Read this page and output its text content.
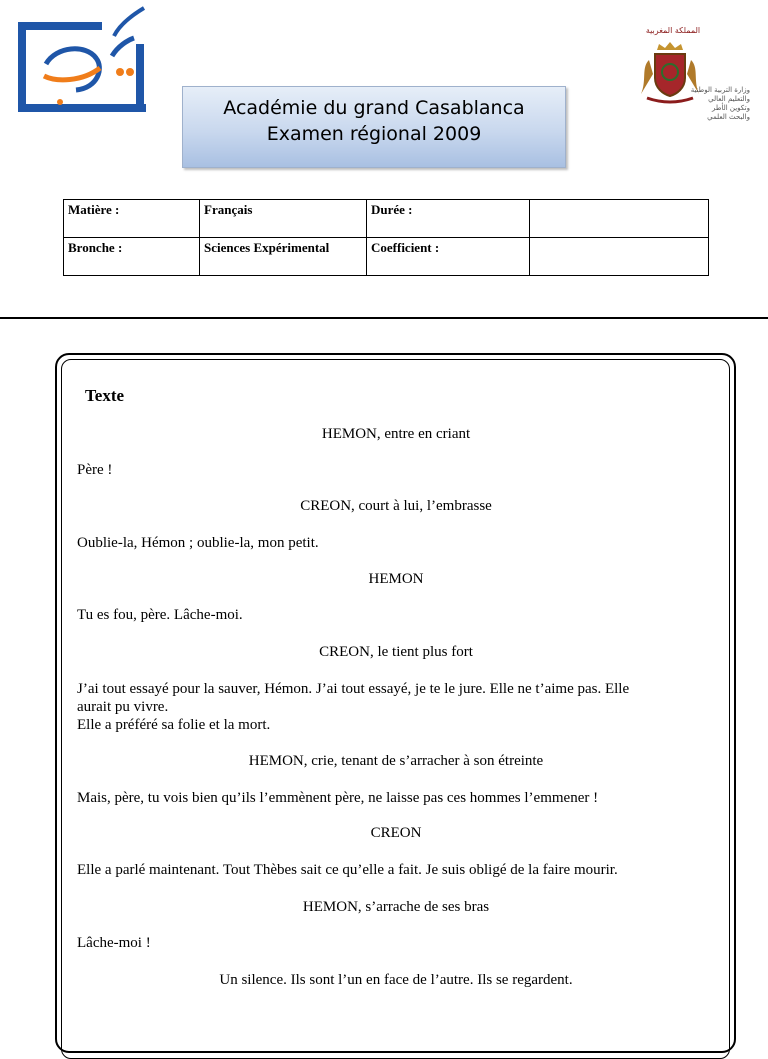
المملكة المغربية
وزارة التربية الوطنية
والتعليم العالي
وتكوين الأطر
والبحث العلمي
Académie du grand Casablanca
Examen régional 2009
Matière :	Français	Durée :	
Bronche :	Sciences Expérimental	Coefficient :	
Texte
HEMON, entre en criant
Père !
CREON, court à lui, l’embrasse
Oublie-la, Hémon ; oublie-la, mon petit.
HEMON
Tu es fou, père. Lâche-moi.
CREON, le tient plus fort
J’ai tout essayé pour la sauver, Hémon. J’ai tout essayé, je te le jure. Elle ne t’aime pas. Elle
aurait pu vivre.
Elle a préféré sa folie et la mort.
HEMON, crie, tenant de s’arracher à son étreinte
Mais, père, tu vois bien qu’ils l’emmènent père, ne laisse pas ces hommes l’emmener !
CREON
Elle a parlé maintenant. Tout Thèbes sait ce qu’elle a fait. Je suis obligé de la faire mourir.
HEMON, s’arrache de ses bras
Lâche-moi !
Un silence. Ils sont l’un en face de l’autre. Ils se regardent.
